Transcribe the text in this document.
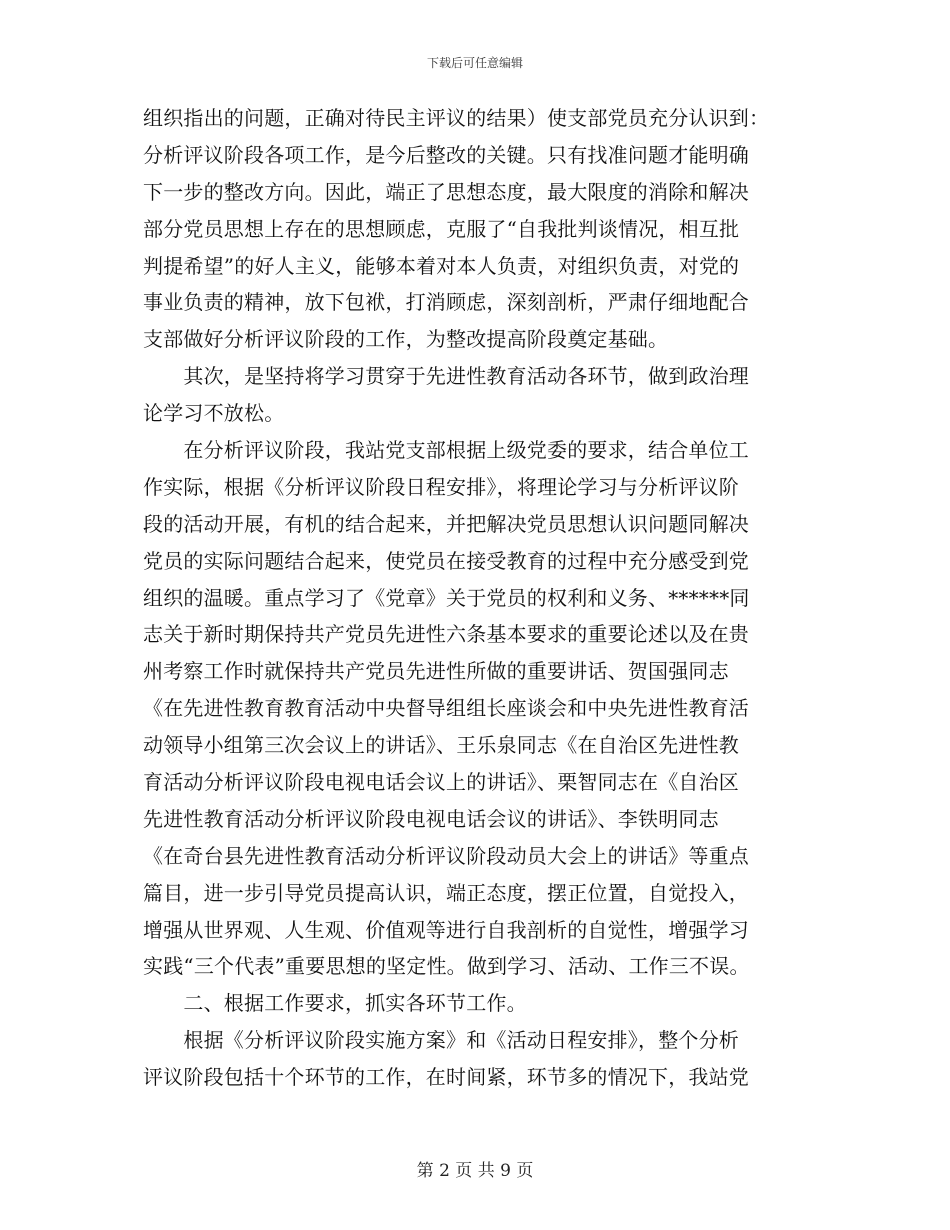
下载后可任意编辑
组织指出的问题，正确对待民主评议的结果）使支部党员充分认识到：
分析评议阶段各项工作，是今后整改的关键。只有找准问题才能明确
下一步的整改方向。因此，端正了思想态度，最大限度的消除和解决
部分党员思想上存在的思想顾虑，克服了“自我批判谈情况，相互批
判提希望”的好人主义，能够本着对本人负责，对组织负责，对党的
事业负责的精神，放下包袱，打消顾虑，深刻剖析，严肃仔细地配合
支部做好分析评议阶段的工作，为整改提高阶段奠定基础。
　　其次，是坚持将学习贯穿于先进性教育活动各环节，做到政治理
论学习不放松。
　　在分析评议阶段，我站党支部根据上级党委的要求，结合单位工
作实际，根据《分析评议阶段日程安排》，将理论学习与分析评议阶
段的活动开展，有机的结合起来，并把解决党员思想认识问题同解决
党员的实际问题结合起来，使党员在接受教育的过程中充分感受到党
组织的温暖。重点学习了《党章》关于党员的权利和义务、******同
志关于新时期保持共产党员先进性六条基本要求的重要论述以及在贵
州考察工作时就保持共产党员先进性所做的重要讲话、贺国强同志
《在先进性教育教育活动中央督导组组长座谈会和中央先进性教育活
动领导小组第三次会议上的讲话》、王乐泉同志《在自治区先进性教
育活动分析评议阶段电视电话会议上的讲话》、栗智同志在《自治区
先进性教育活动分析评议阶段电视电话会议的讲话》、李铁明同志
《在奇台县先进性教育活动分析评议阶段动员大会上的讲话》等重点
篇目，进一步引导党员提高认识，端正态度，摆正位置，自觉投入，
增强从世界观、人生观、价值观等进行自我剖析的自觉性，增强学习
实践“三个代表”重要思想的坚定性。做到学习、活动、工作三不误。
　　二、根据工作要求，抓实各环节工作。
　　根据《分析评议阶段实施方案》和《活动日程安排》，整个分析
评议阶段包括十个环节的工作，在时间紧，环节多的情况下，我站党
第 2 页 共 9 页
